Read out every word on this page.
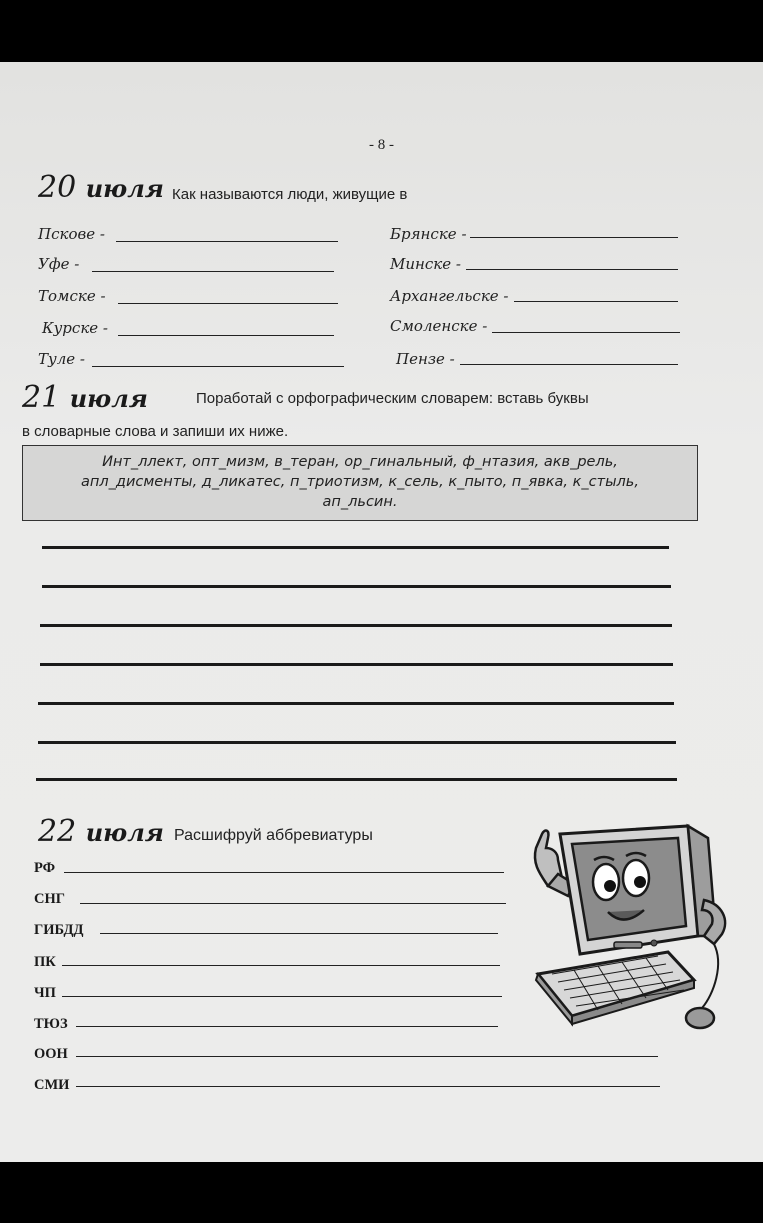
- 8 -
20 июля Как называются люди, живущие в
Пскове -
Уфе -
Томске -
Курске -
Туле -
Брянске -
Минске -
Архангельске -
Смоленске -
Пензе -
21 июля	Поработай с орфографическим словарем: вставь буквы
в словарные слова и запиши их ниже.
Инт_ллект, опт_мизм, в_теран, ор_гинальный, ф_нтазия, акв_рель,
апл_дисменты, д_ликатес, п_триотизм, к_сель, к_пыто, п_явка, к_стыль,
ап_льсин.
22 июля Расшифруй аббревиатуры
РФ
СНГ
ГИБДД
ПК
ЧП
ТЮЗ
ООН
СМИ
